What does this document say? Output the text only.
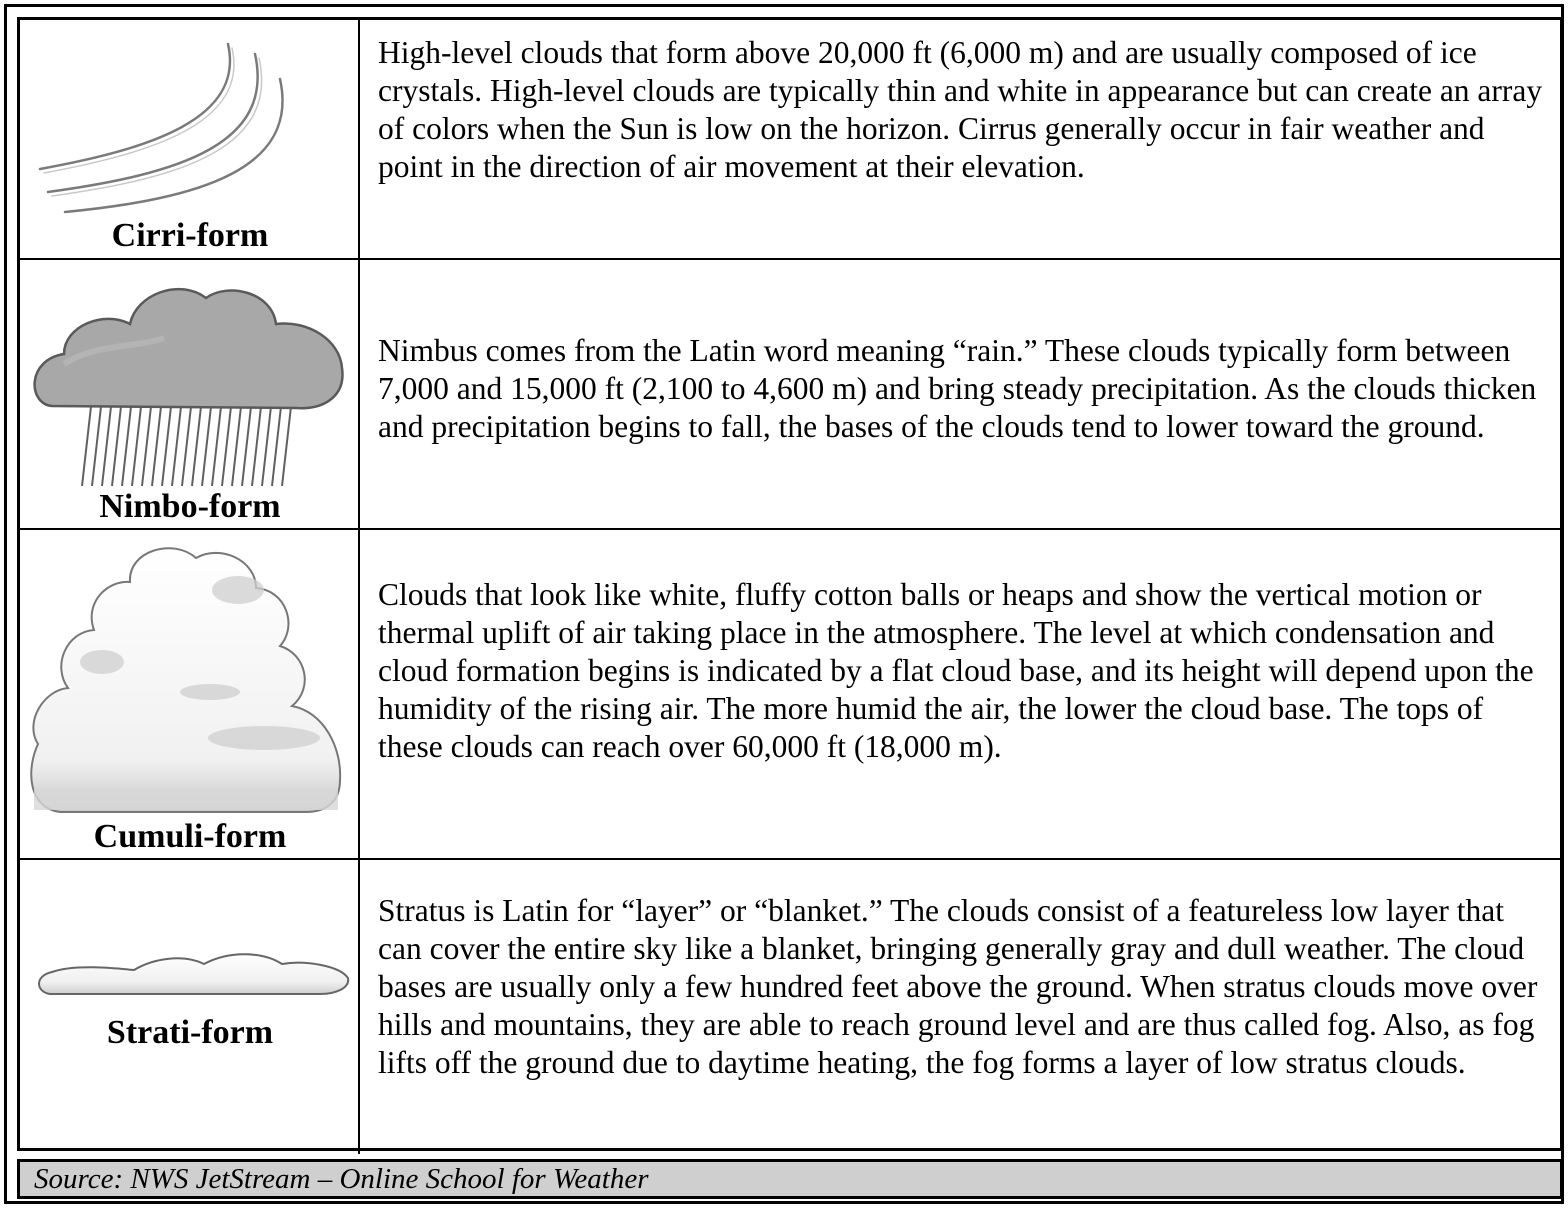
Cirri-form
High-level clouds that form above 20,000 ft (6,000 m) and are usually composed of ice crystals. High-level clouds are typically thin and white in appearance but can create an array of colors when the Sun is low on the horizon. Cirrus generally occur in fair weather and point in the direction of air movement at their elevation.
Nimbo-form
Nimbus comes from the Latin word meaning “rain.” These clouds typically form between 7,000 and 15,000 ft (2,100 to 4,600 m) and bring steady precipitation. As the clouds thicken and precipitation begins to fall, the bases of the clouds tend to lower toward the ground.
Cumuli-form
Clouds that look like white, fluffy cotton balls or heaps and show the vertical motion or thermal uplift of air taking place in the atmosphere. The level at which condensation and cloud formation begins is indicated by a flat cloud base, and its height will depend upon the humidity of the rising air. The more humid the air, the lower the cloud base. The tops of these clouds can reach over 60,000 ft (18,000 m).
Strati-form
Stratus is Latin for “layer” or “blanket.” The clouds consist of a featureless low layer that can cover the entire sky like a blanket, bringing generally gray and dull weather. The cloud bases are usually only a few hundred feet above the ground. When stratus clouds move over hills and mountains, they are able to reach ground level and are thus called fog. Also, as fog lifts off the ground due to daytime heating, the fog forms a layer of low stratus clouds.
Source: NWS JetStream – Online School for Weather
